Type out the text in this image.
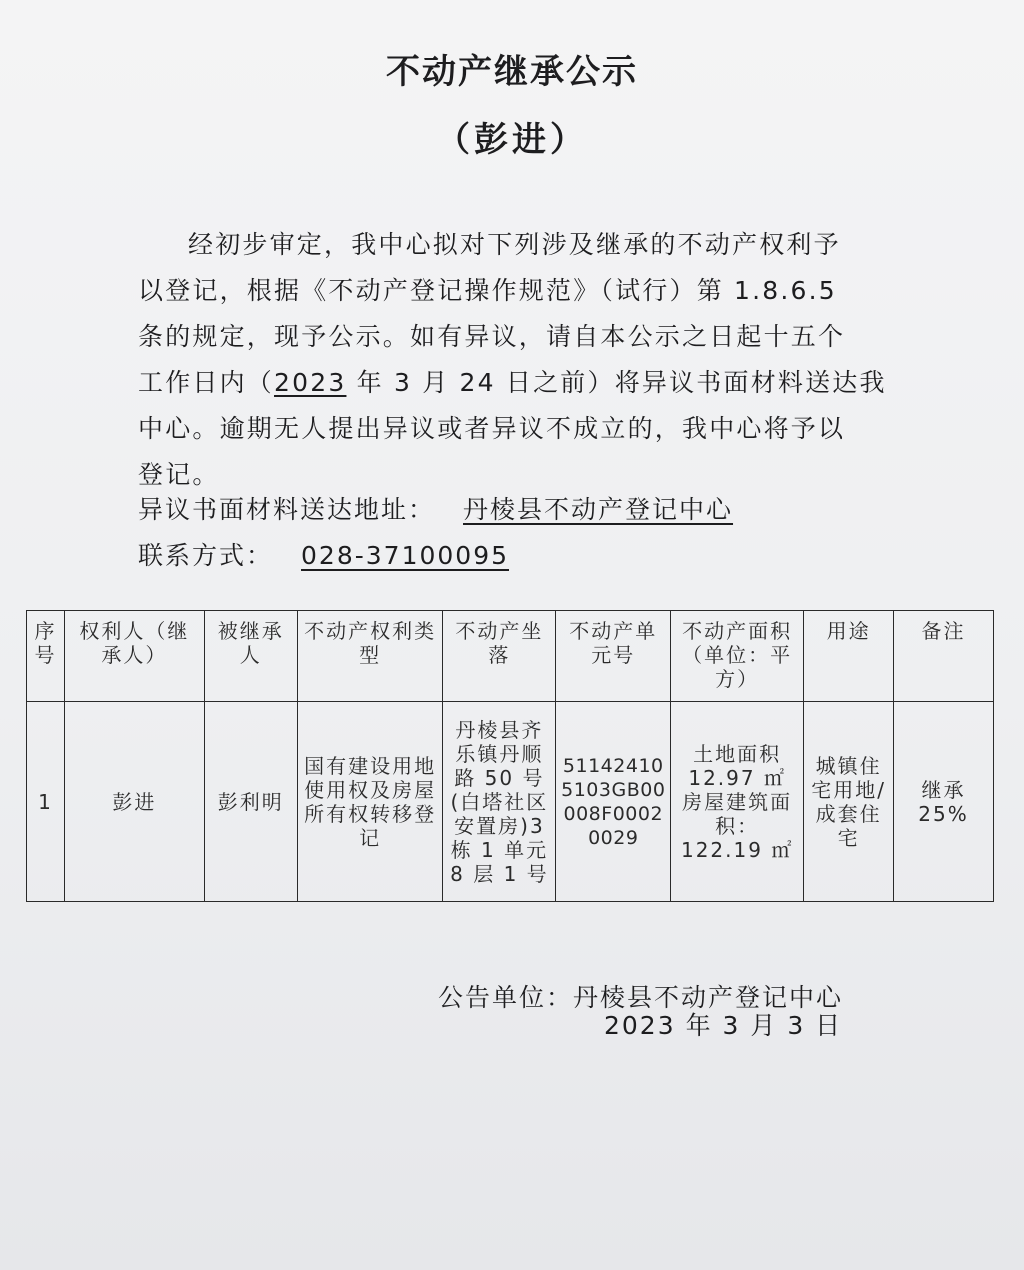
不动产继承公示
（彭进）
经初步审定，我中心拟对下列涉及继承的不动产权利予
以登记，根据《不动产登记操作规范》（试行）第 1.8.6.5
条的规定，现予公示。如有异议，请自本公示之日起十五个
工作日内（2023 年 3 月 24 日之前）将异议书面材料送达我
中心。逾期无人提出异议或者异议不成立的，我中心将予以
登记。
异议书面材料送达地址： 丹棱县不动产登记中心
联系方式： 028-37100095
序号	权利人（继承人）	被继承人	不动产权利类型	不动产坐落	不动产单元号	不动产面积（单位：平方）	用途	备注
1	彭进	彭利明	国有建设用地使用权及房屋所有权转移登记	丹棱县齐乐镇丹顺路 50 号(白塔社区安置房)3 栋 1 单元 8 层 1 号	511424105103GB00008F00020029	土地面积 12.97 ㎡
房屋建筑面积：122.19 ㎡	城镇住宅用地/成套住宅	继承 25%
公告单位：丹棱县不动产登记中心
2023 年 3 月 3 日
